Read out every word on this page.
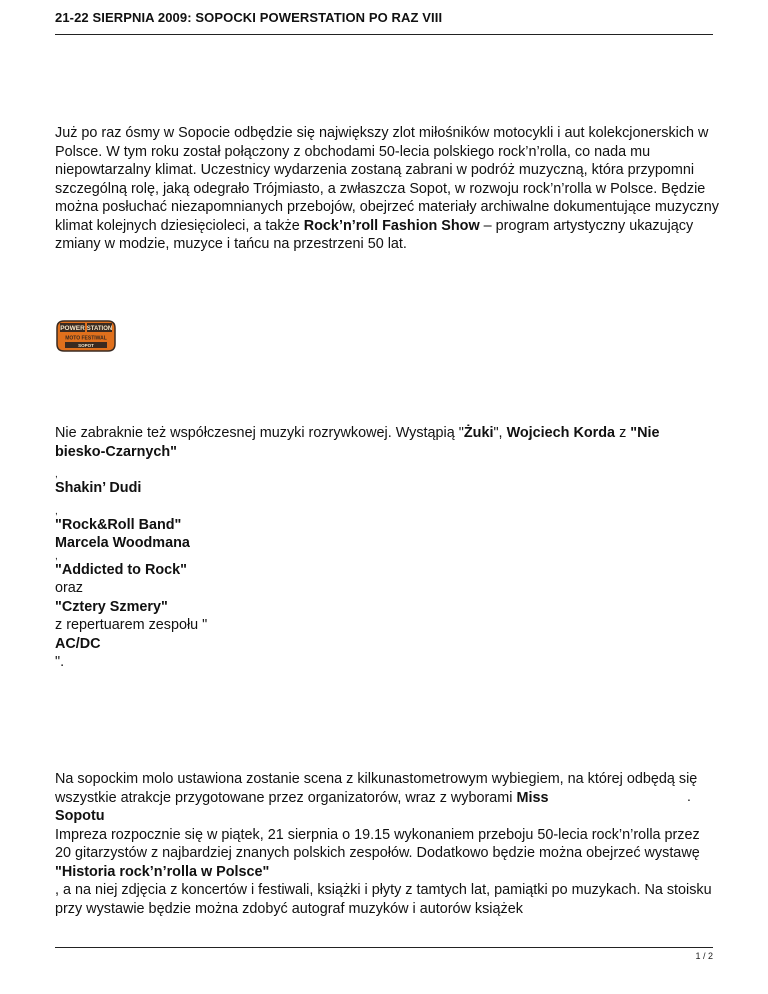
21-22 SIERPNIA 2009: SOPOCKI POWERSTATION PO RAZ VIII
Już po raz ósmy w Sopocie odbędzie się największy zlot miłośników motocykli i aut kolekcjonerskich w Polsce. W tym roku został połączony z obchodami 50-lecia polskiego rock’n’rolla, co nada mu niepowtarzalny klimat. Uczestnicy wydarzenia zostaną zabrani w podróż muzyczną, która przypomni szczególną rolę, jaką odegrało Trójmiasto, a zwłaszcza Sopot, w rozwoju rock’n’rolla w Polsce. Będzie można posłuchać niezapomnianych przebojów, obejrzeć materiały archiwalne dokumentujące muzyczny klimat kolejnych dziesięcioleci, a także Rock’n’roll Fashion Show – program artystyczny ukazujący zmiany w modzie, muzyce i tańcu na przestrzeni 50 lat.
POWER STATION
MOTO FESTIWAL
SOPOT
Nie zabraknie też współczesnej muzyki rozrywkowej. Wystąpią "Żuki", Wojciech Korda z "Nie
biesko-Czarnych"
,
Shakin’ Dudi
,
"Rock&Roll Band"
Marcela Woodmana
,
"Addicted to Rock"
oraz
"Cztery Szmery"
z repertuarem zespołu "
AC/DC
".
Na sopockim molo ustawiona zostanie scena z kilkunastometrowym wybiegiem, na której odbędą się wszystkie atrakcje przygotowane przez organizatorów, wraz z wyborami Miss
Sopotu
Impreza rozpocznie się w piątek, 21 sierpnia o 19.15 wykonaniem przeboju 50-lecia rock’n’rolla przez 20 gitarzystów z najbardziej znanych polskich zespołów. Dodatkowo będzie można obejrzeć wystawę
"Historia rock’n’rolla w Polsce"
, a na niej zdjęcia z koncertów i festiwali, książki i płyty z tamtych lat, pamiątki po muzykach. Na stoisku przy wystawie będzie można zdobyć autograf muzyków i autorów książek
.
1 / 2
